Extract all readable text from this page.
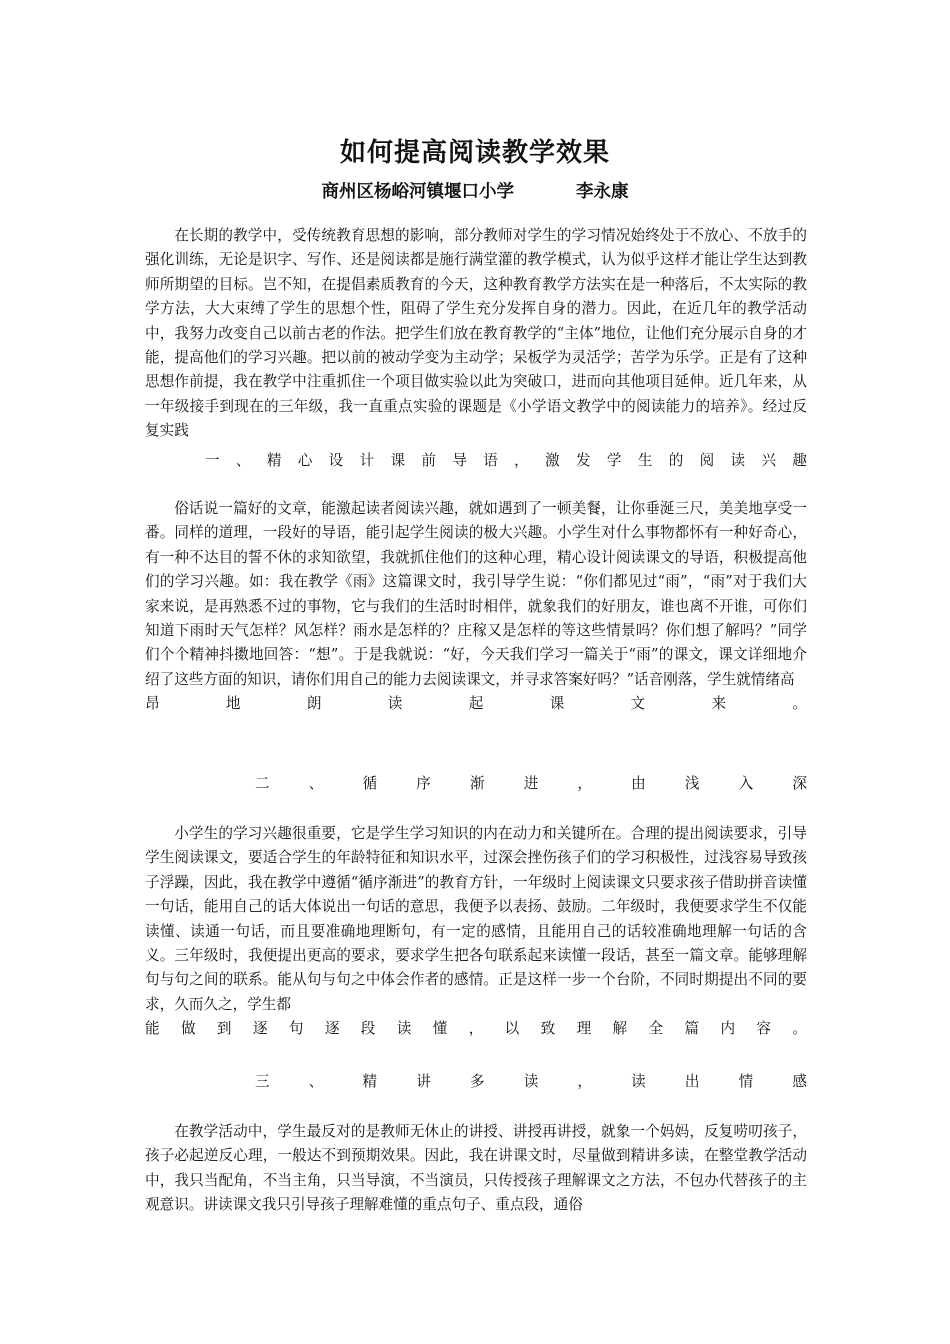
如何提高阅读教学效果
商州区杨峪河镇堰口小学	李永康

在长期的教学中，受传统教育思想的影响，部分教师对学生的学习情况始终处于不放心、不放手的强化训练，无论是识字、写作、还是阅读都是施行满堂灌的教学模式，认为似乎这样才能让学生达到教师所期望的目标。岂不知，在提倡素质教育的今天，这种教育教学方法实在是一种落后，不太实际的教学方法，大大束缚了学生的思想个性，阻碍了学生充分发挥自身的潜力。因此，在近几年的教学活动中，我努力改变自己以前古老的作法。把学生们放在教育教学的“主体”地位，让他们充分展示自身的才能，提高他们的学习兴趣。把以前的被动学变为主动学；呆板学为灵活学；苦学为乐学。正是有了这种思想作前提，我在教学中注重抓住一个项目做实验以此为突破口，进而向其他项目延伸。近几年来，从一年级接手到现在的三年级，我一直重点实验的课题是《小学语文教学中的阅读能力的培养》。经过反复实践

一、精心设计课前导语，激发学生的阅读兴趣

俗话说一篇好的文章，能激起读者阅读兴趣，就如遇到了一顿美餐，让你垂涎三尺，美美地享受一番。同样的道理，一段好的导语，能引起学生阅读的极大兴趣。小学生对什么事物都怀有一种好奇心，有一种不达目的誓不休的求知欲望，我就抓住他们的这种心理，精心设计阅读课文的导语，积极提高他们的学习兴趣。如：我在教学《雨》这篇课文时，我引导学生说：“你们都见过“雨”，“雨”对于我们大家来说，是再熟悉不过的事物，它与我们的生活时时相伴，就象我们的好朋友，谁也离不开谁，可你们知道下雨时天气怎样？风怎样？雨水是怎样的？庄稼又是怎样的等这些情景吗？你们想了解吗？”同学们个个精神抖擞地回答：“想”。于是我就说：“好，今天我们学习一篇关于“雨”的课文，课文详细地介绍了这些方面的知识，请你们用自己的能力去阅读课文，并寻求答案好吗？”话音刚落，学生就情绪高
昂地朗读起课文来。

二、循序渐进，由浅入深

小学生的学习兴趣很重要，它是学生学习知识的内在动力和关键所在。合理的提出阅读要求，引导学生阅读课文，要适合学生的年龄特征和知识水平，过深会挫伤孩子们的学习积极性，过浅容易导致孩子浮躁，因此，我在教学中遵循“循序渐进”的教育方针，一年级时上阅读课文只要求孩子借助拼音读懂一句话，能用自己的话大体说出一句话的意思，我便予以表扬、鼓励。二年级时，我便要求学生不仅能读懂、读通一句话，而且要准确地理断句，有一定的感情，且能用自己的话较准确地理解一句话的含义。三年级时，我便提出更高的要求，要求学生把各句联系起来读懂一段话，甚至一篇文章。能够理解句与句之间的联系。能从句与句之中体会作者的感情。正是这样一步一个台阶，不同时期提出不同的要求，久而久之，学生都
能做到逐句逐段读懂，以致理解全篇内容。

三、精讲多读，读出情感

在教学活动中，学生最反对的是教师无休止的讲授、讲授再讲授，就象一个妈妈，反复唠叨孩子，孩子必起逆反心理，一般达不到预期效果。因此，我在讲课文时，尽量做到精讲多读，在整堂教学活动中，我只当配角，不当主角，只当导演，不当演员，只传授孩子理解课文之方法，不包办代替孩子的主观意识。讲读课文我只引导孩子理解难懂的重点句子、重点段，通俗
